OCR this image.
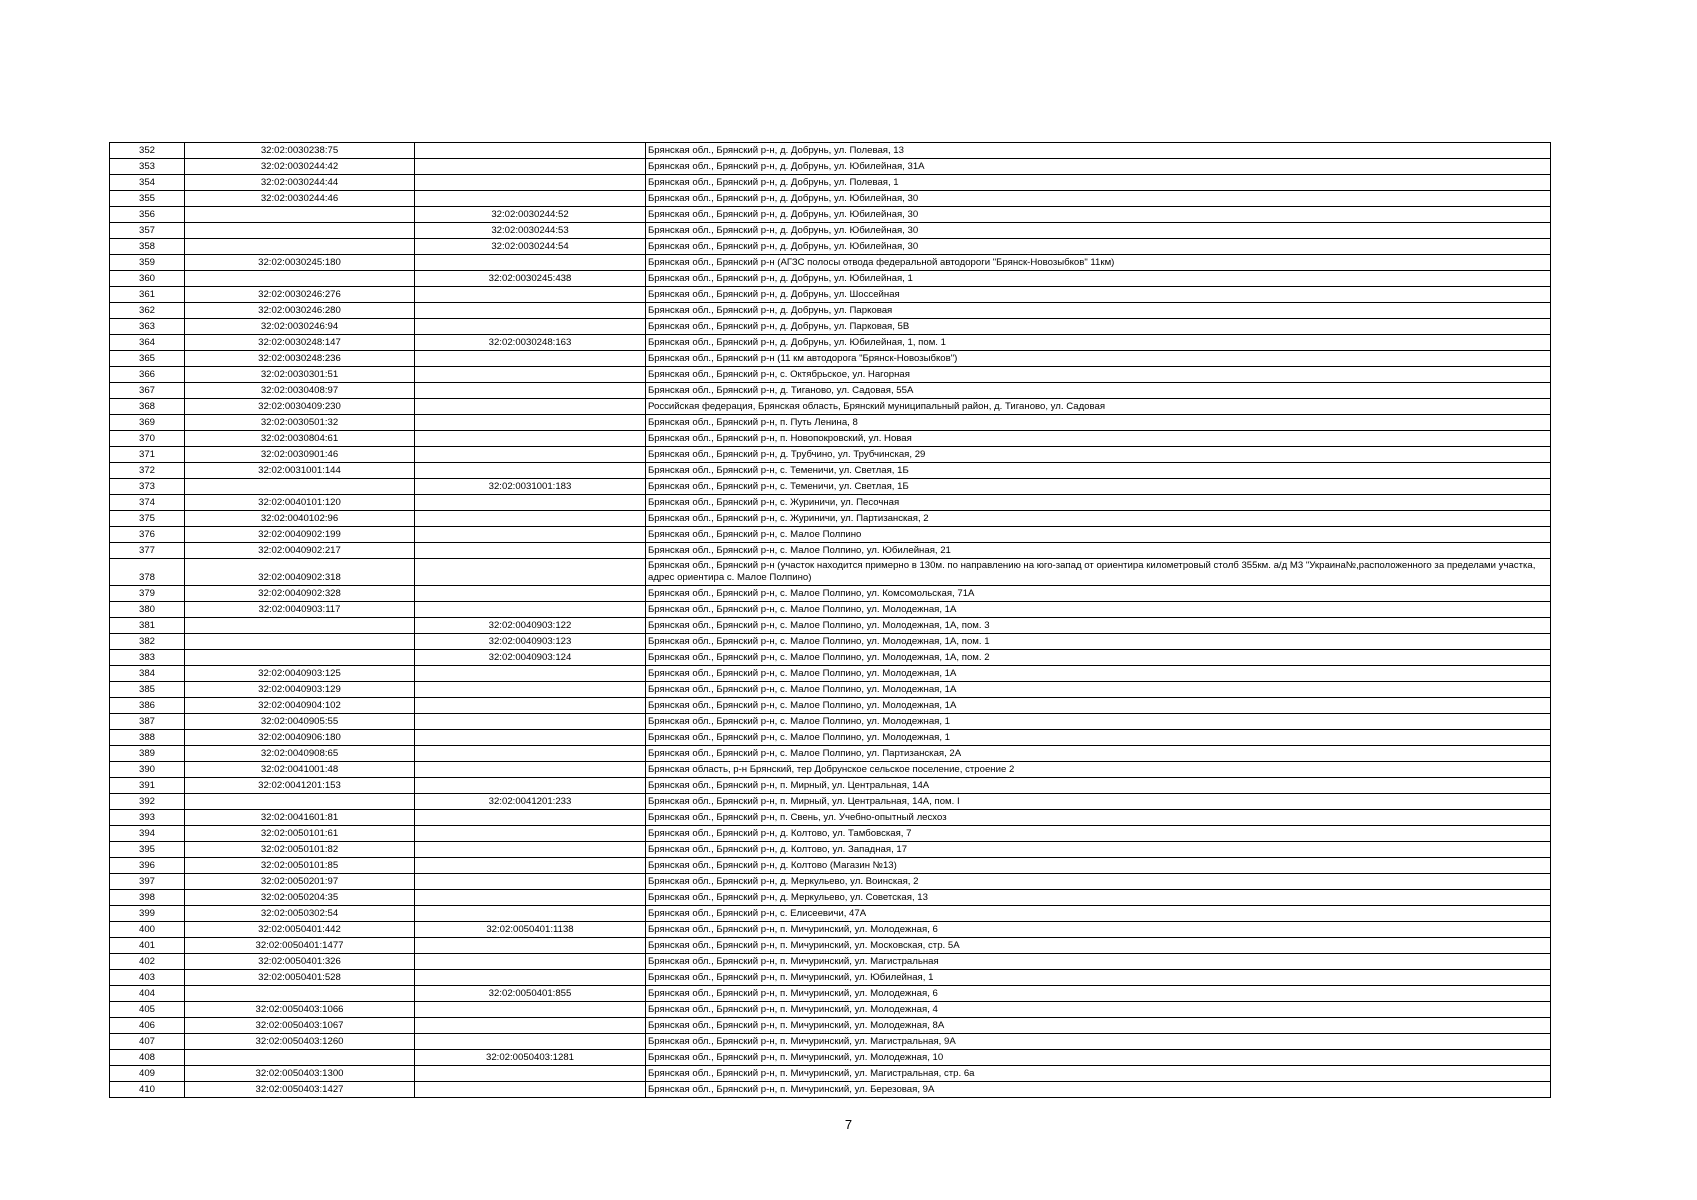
352	32:02:0030238:75		Брянская обл., Брянский р-н, д. Добрунь, ул. Полевая, 13
353	32:02:0030244:42		Брянская обл., Брянский р-н, д. Добрунь, ул. Юбилейная, 31А
354	32:02:0030244:44		Брянская обл., Брянский р-н, д. Добрунь, ул. Полевая, 1
355	32:02:0030244:46		Брянская обл., Брянский р-н, д. Добрунь, ул. Юбилейная, 30
356		32:02:0030244:52	Брянская обл., Брянский р-н, д. Добрунь, ул. Юбилейная, 30
357		32:02:0030244:53	Брянская обл., Брянский р-н, д. Добрунь, ул. Юбилейная, 30
358		32:02:0030244:54	Брянская обл., Брянский р-н, д. Добрунь, ул. Юбилейная, 30
359	32:02:0030245:180		Брянская обл., Брянский р-н (АГЗС полосы отвода федеральной автодороги "Брянск-Новозыбков" 11км)
360		32:02:0030245:438	Брянская обл., Брянский р-н, д. Добрунь, ул. Юбилейная, 1
361	32:02:0030246:276		Брянская обл., Брянский р-н, д. Добрунь, ул. Шоссейная
362	32:02:0030246:280		Брянская обл., Брянский р-н, д. Добрунь, ул. Парковая
363	32:02:0030246:94		Брянская обл., Брянский р-н, д. Добрунь, ул. Парковая, 5В
364	32:02:0030248:147	32:02:0030248:163	Брянская обл., Брянский р-н, д. Добрунь, ул. Юбилейная, 1, пом. 1
365	32:02:0030248:236		Брянская обл., Брянский р-н (11 км автодорога "Брянск-Новозыбков")
366	32:02:0030301:51		Брянская обл., Брянский р-н, с. Октябрьское, ул. Нагорная
367	32:02:0030408:97		Брянская обл., Брянский р-н, д. Тиганово, ул. Садовая, 55А
368	32:02:0030409:230		Российская федерация, Брянская область, Брянский муниципальный район, д. Тиганово, ул. Садовая
369	32:02:0030501:32		Брянская обл., Брянский р-н, п. Путь Ленина, 8
370	32:02:0030804:61		Брянская обл., Брянский р-н, п. Новопокровский, ул. Новая
371	32:02:0030901:46		Брянская обл., Брянский р-н, д. Трубчино, ул. Трубчинская, 29
372	32:02:0031001:144		Брянская обл., Брянский р-н, с. Теменичи, ул. Светлая, 1Б
373		32:02:0031001:183	Брянская обл., Брянский р-н, с. Теменичи, ул. Светлая, 1Б
374	32:02:0040101:120		Брянская обл., Брянский р-н, с. Журиничи, ул. Песочная
375	32:02:0040102:96		Брянская обл., Брянский р-н, с. Журиничи, ул. Партизанская, 2
376	32:02:0040902:199		Брянская обл., Брянский р-н, с. Малое Полпино
377	32:02:0040902:217		Брянская обл., Брянский р-н, с. Малое Полпино, ул. Юбилейная, 21
378	32:02:0040902:318		Брянская обл., Брянский р-н (участок находится примерно в 130м. по направлению на юго-запад от ориентира километровый столб 355км. а/д М3 "Украина№,расположенного за пределами участка, адрес ориентира с. Малое Полпино)
379	32:02:0040902:328		Брянская обл., Брянский р-н, с. Малое Полпино, ул. Комсомольская, 71А
380	32:02:0040903:117		Брянская обл., Брянский р-н, с. Малое Полпино, ул. Молодежная, 1А
381		32:02:0040903:122	Брянская обл., Брянский р-н, с. Малое Полпино, ул. Молодежная, 1А, пом. 3
382		32:02:0040903:123	Брянская обл., Брянский р-н, с. Малое Полпино, ул. Молодежная, 1А, пом. 1
383		32:02:0040903:124	Брянская обл., Брянский р-н, с. Малое Полпино, ул. Молодежная, 1А, пом. 2
384	32:02:0040903:125		Брянская обл., Брянский р-н, с. Малое Полпино, ул. Молодежная, 1А
385	32:02:0040903:129		Брянская обл., Брянский р-н, с. Малое Полпино, ул. Молодежная, 1А
386	32:02:0040904:102		Брянская обл., Брянский р-н, с. Малое Полпино, ул. Молодежная, 1А
387	32:02:0040905:55		Брянская обл., Брянский р-н, с. Малое Полпино, ул. Молодежная, 1
388	32:02:0040906:180		Брянская обл., Брянский р-н, с. Малое Полпино, ул. Молодежная, 1
389	32:02:0040908:65		Брянская обл., Брянский р-н, с. Малое Полпино, ул. Партизанская, 2А
390	32:02:0041001:48		Брянская область, р-н Брянский, тер Добрунское сельское поселение, строение 2
391	32:02:0041201:153		Брянская обл., Брянский р-н, п. Мирный, ул. Центральная, 14А
392		32:02:0041201:233	Брянская обл., Брянский р-н, п. Мирный, ул. Центральная, 14А, пом. I
393	32:02:0041601:81		Брянская обл., Брянский р-н, п. Свень, ул. Учебно-опытный лесхоз
394	32:02:0050101:61		Брянская обл., Брянский р-н, д. Колтово, ул. Тамбовская, 7
395	32:02:0050101:82		Брянская обл., Брянский р-н, д. Колтово, ул. Западная, 17
396	32:02:0050101:85		Брянская обл., Брянский р-н, д. Колтово (Магазин №13)
397	32:02:0050201:97		Брянская обл., Брянский р-н, д. Меркульево, ул. Воинская, 2
398	32:02:0050204:35		Брянская обл., Брянский р-н, д. Меркульево, ул. Советская, 13
399	32:02:0050302:54		Брянская обл., Брянский р-н, с. Елисеевичи, 47А
400	32:02:0050401:442	32:02:0050401:1138	Брянская обл., Брянский р-н, п. Мичуринский, ул. Молодежная, 6
401	32:02:0050401:1477		Брянская обл., Брянский р-н, п. Мичуринский, ул. Московская, стр. 5А
402	32:02:0050401:326		Брянская обл., Брянский р-н, п. Мичуринский, ул. Магистральная
403	32:02:0050401:528		Брянская обл., Брянский р-н, п. Мичуринский, ул. Юбилейная, 1
404		32:02:0050401:855	Брянская обл., Брянский р-н, п. Мичуринский, ул. Молодежная, 6
405	32:02:0050403:1066		Брянская обл., Брянский р-н, п. Мичуринский, ул. Молодежная, 4
406	32:02:0050403:1067		Брянская обл., Брянский р-н, п. Мичуринский, ул. Молодежная, 8А
407	32:02:0050403:1260		Брянская обл., Брянский р-н, п. Мичуринский, ул. Магистральная, 9А
408		32:02:0050403:1281	Брянская обл., Брянский р-н, п. Мичуринский, ул. Молодежная, 10
409	32:02:0050403:1300		Брянская обл., Брянский р-н, п. Мичуринский, ул. Магистральная, стр. 6а
410	32:02:0050403:1427		Брянская обл., Брянский р-н, п. Мичуринский, ул. Березовая, 9А
7
